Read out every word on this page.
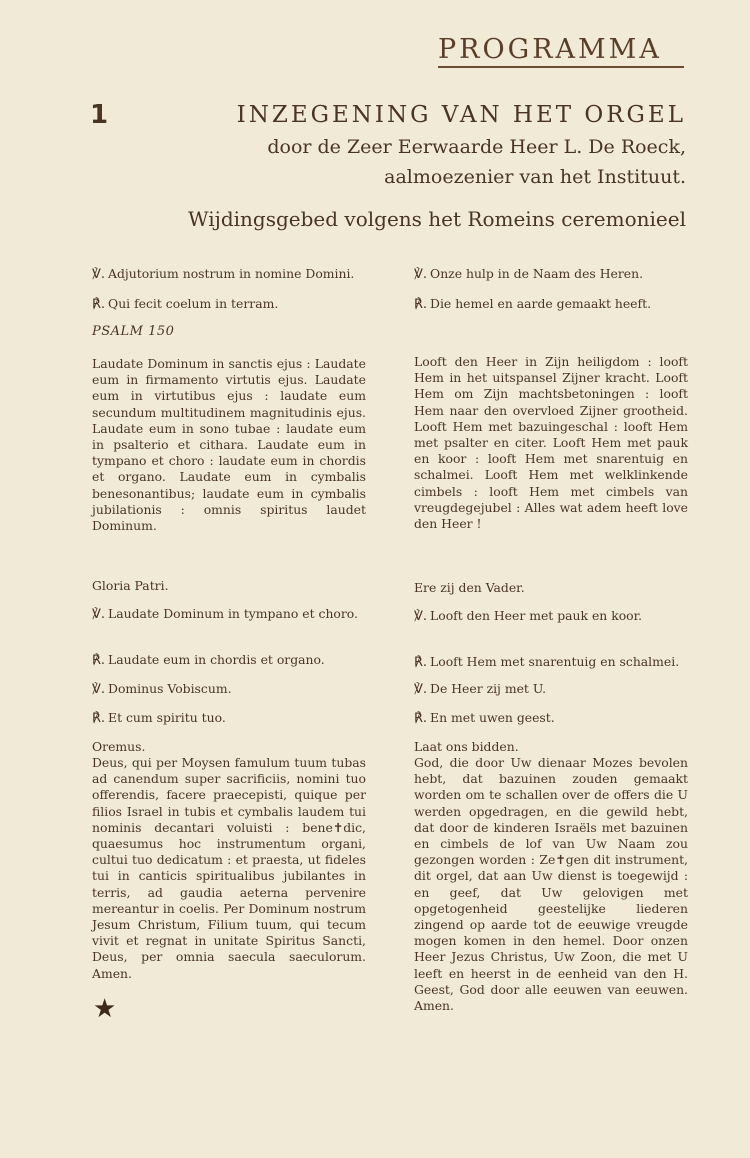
PROGRAMMA
1	INZEGENING VAN HET ORGEL

door de Zeer Eerwaarde Heer L. De Roeck,

aalmoezenier van het Instituut.

Wijdingsgebed volgens het Romeins ceremonieel

℣. Adjutorium nostrum in nomine Domini.

℟. Qui fecit coelum in terram.

PSALM 150

Laudate Dominum in sanctis ejus : Laudate eum in firmamento virtutis ejus. Laudate eum in virtutibus ejus : laudate eum secundum multitudinem magnitudinis ejus. Laudate eum in sono tubae : laudate eum in psalterio et cithara. Laudate eum in tympano et choro : laudate eum in chordis et organo. Laudate eum in cymbalis benesonantibus; laudate eum in cymbalis jubilationis : omnis spiritus laudet Dominum.

Gloria Patri.

℣. Laudate Dominum in tympano et choro.

℟. Laudate eum in chordis et organo.

℣. Dominus Vobiscum.

℟. Et cum spiritu tuo.

Oremus.

Deus, qui per Moysen famulum tuum tubas ad canendum super sacrificiis, nomini tuo offerendis, facere praecepisti, quique per filios Israel in tubis et cymbalis laudem tui nominis decantari voluisti : bene✝dic, quaesumus hoc instrumentum organi, cultui tuo dedicatum : et praesta, ut fideles tui in canticis spiritualibus jubilantes in terris, ad gaudia aeterna pervenire mereantur in coelis. Per Dominum nostrum Jesum Christum, Filium tuum, qui tecum vivit et regnat in unitate Spiritus Sancti, Deus, per omnia saecula saeculorum. Amen.

℣. Onze hulp in de Naam des Heren.

℟. Die hemel en aarde gemaakt heeft.

Looft den Heer in Zijn heiligdom : looft Hem in het uitspansel Zijner kracht. Looft Hem om Zijn machtsbetoningen : looft Hem naar den overvloed Zijner grootheid. Looft Hem met bazuingeschal : looft Hem met psalter en citer. Looft Hem met pauk en koor : looft Hem met snarentuig en schalmei. Looft Hem met welklinkende cimbels : looft Hem met cimbels van vreugdegejubel : Alles wat adem heeft love den Heer !

Ere zij den Vader.

℣. Looft den Heer met pauk en koor.

℟. Looft Hem met snarentuig en schalmei.

℣. De Heer zij met U.

℟. En met uwen geest.

Laat ons bidden.

God, die door Uw dienaar Mozes bevolen hebt, dat bazuinen zouden gemaakt worden om te schallen over de offers die U werden opgedragen, en die gewild hebt, dat door de kinderen Israëls met bazuinen en cimbels de lof van Uw Naam zou gezongen worden : Ze✝gen dit instrument, dit orgel, dat aan Uw dienst is toegewijd : en geef, dat Uw gelovigen met opgetogenheid geestelijke liederen zingend op aarde tot de eeuwige vreugde mogen komen in den hemel. Door onzen Heer Jezus Christus, Uw Zoon, die met U leeft en heerst in de eenheid van den H. Geest, God door alle eeuwen van eeuwen. Amen.

★
